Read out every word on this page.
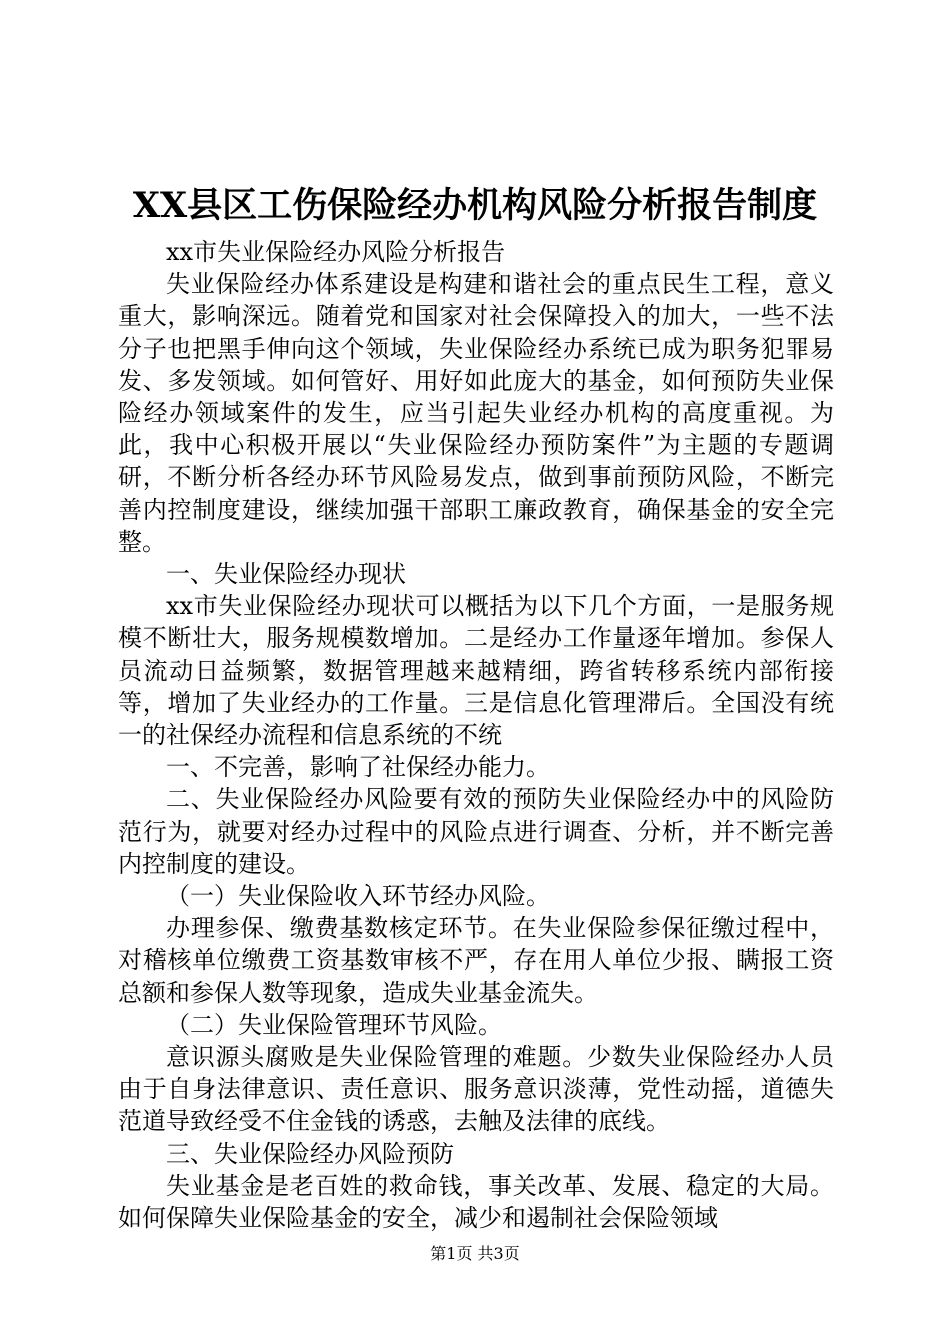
XX县区工伤保险经办机构风险分析报告制度

xx市失业保险经办风险分析报告

失业保险经办体系建设是构建和谐社会的重点民生工程，意义重大，影响深远。随着党和国家对社会保障投入的加大，一些不法分子也把黑手伸向这个领域，失业保险经办系统已成为职务犯罪易发、多发领域。如何管好、用好如此庞大的基金，如何预防失业保险经办领域案件的发生，应当引起失业经办机构的高度重视。为此，我中心积极开展以“失业保险经办预防案件”为主题的专题调研，不断分析各经办环节风险易发点，做到事前预防风险，不断完善内控制度建设，继续加强干部职工廉政教育，确保基金的安全完整。

一、失业保险经办现状

xx市失业保险经办现状可以概括为以下几个方面，一是服务规模不断壮大，服务规模数增加。二是经办工作量逐年增加。参保人员流动日益频繁，数据管理越来越精细，跨省转移系统内部衔接等，增加了失业经办的工作量。三是信息化管理滞后。全国没有统一的社保经办流程和信息系统的不统

一、不完善，影响了社保经办能力。

二、失业保险经办风险要有效的预防失业保险经办中的风险防范行为，就要对经办过程中的风险点进行调查、分析，并不断完善内控制度的建设。

（一）失业保险收入环节经办风险。

办理参保、缴费基数核定环节。在失业保险参保征缴过程中，对稽核单位缴费工资基数审核不严，存在用人单位少报、瞒报工资总额和参保人数等现象，造成失业基金流失。

（二）失业保险管理环节风险。

意识源头腐败是失业保险管理的难题。少数失业保险经办人员由于自身法律意识、责任意识、服务意识淡薄，党性动摇，道德失范道导致经受不住金钱的诱惑，去触及法律的底线。

三、失业保险经办风险预防

失业基金是老百姓的救命钱，事关改革、发展、稳定的大局。如何保障失业保险基金的安全，减少和遏制社会保险领域

第1页 共3页
